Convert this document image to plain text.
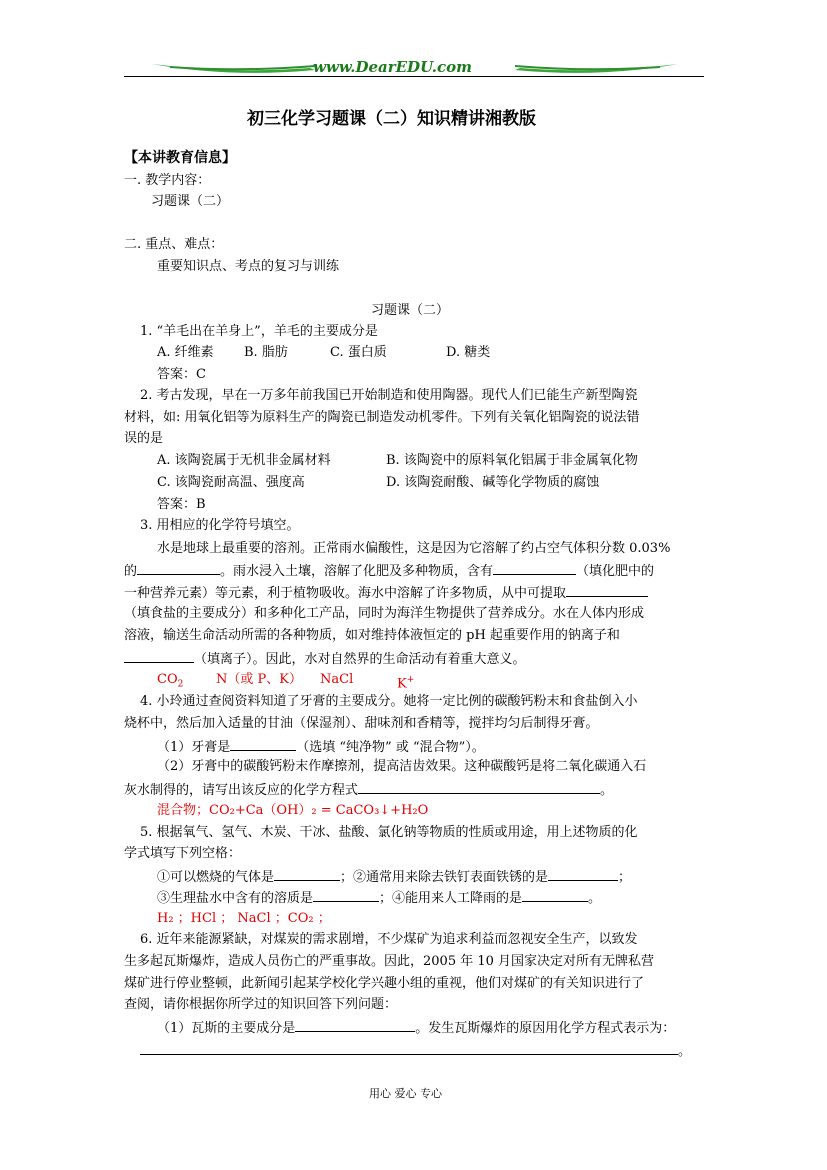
www.DearEDU.com
初三化学习题课（二）知识精讲湘教版
【本讲教育信息】
一. 教学内容：
习题课（二）
二. 重点、难点：
重要知识点、考点的复习与训练
习题课（二）
1. “羊毛出在羊身上”，羊毛的主要成分是
A. 纤维素 B. 脂肪	C. 蛋白质	D. 糖类
答案：C
2. 考古发现，早在一万多年前我国已开始制造和使用陶器。现代人们已能生产新型陶瓷
材料，如: 用氧化铝等为原料生产的陶瓷已制造发动机零件。下列有关氧化铝陶瓷的说法错
误的是
A. 该陶瓷属于无机非金属材料	B. 该陶瓷中的原料氧化铝属于非金属氧化物
C. 该陶瓷耐高温、强度高	D. 该陶瓷耐酸、碱等化学物质的腐蚀
答案：B
3. 用相应的化学符号填空。
水是地球上最重要的溶剂。正常雨水偏酸性，这是因为它溶解了约占空气体积分数 0.03%
的	。雨水浸入土壤，溶解了化肥及多种物质，含有	（填化肥中的
一种营养元素）等元素，利于植物吸收。海水中溶解了许多物质，从中可提取
（填食盐的主要成分）和多种化工产品，同时为海洋生物提供了营养成分。水在人体内形成
溶液，输送生命活动所需的各种物质，如对维持体液恒定的 pH 起重要作用的钠离子和
（填离子）。因此，水对自然界的生命活动有着重大意义。
$CO_2$	N（或 P、K） NaCl	K+
4. 小玲通过查阅资料知道了牙膏的主要成分。她将一定比例的碳酸钙粉末和食盐倒入小
烧杯中，然后加入适量的甘油（保湿剂）、甜味剂和香精等，搅拌均匀后制得牙膏。
（1）牙膏是	（选填 “纯净物” 或 “混合物”）。
（2）牙膏中的碳酸钙粉末作摩擦剂，提高洁齿效果。这种碳酸钙是将二氧化碳通入石
灰水制得的，请写出该反应的化学方程式	。
混合物；CO₂+Ca（OH）₂ = CaCO₃↓+H₂O
5. 根据氧气、氢气、木炭、干冰、盐酸、氯化钠等物质的性质或用途，用上述物质的化
学式填写下列空格：
①可以燃烧的气体是	；②通常用来除去铁钉表面铁锈的是	；
③生理盐水中含有的溶质是	；④能用来人工降雨的是	。
H₂ ；HCl ； NaCl ；CO₂ ；
6. 近年来能源紧缺，对煤炭的需求剧增，不少煤矿为追求利益而忽视安全生产，以致发
生多起瓦斯爆炸，造成人员伤亡的严重事故。因此，2005 年 10 月国家决定对所有无牌私营
煤矿进行停业整顿，此新闻引起某学校化学兴趣小组的重视，他们对煤矿的有关知识进行了
查阅，请你根据你所学过的知识回答下列问题：
（1）瓦斯的主要成分是	。发生瓦斯爆炸的原因用化学方程式表示为：
。
用心 爱心 专心
